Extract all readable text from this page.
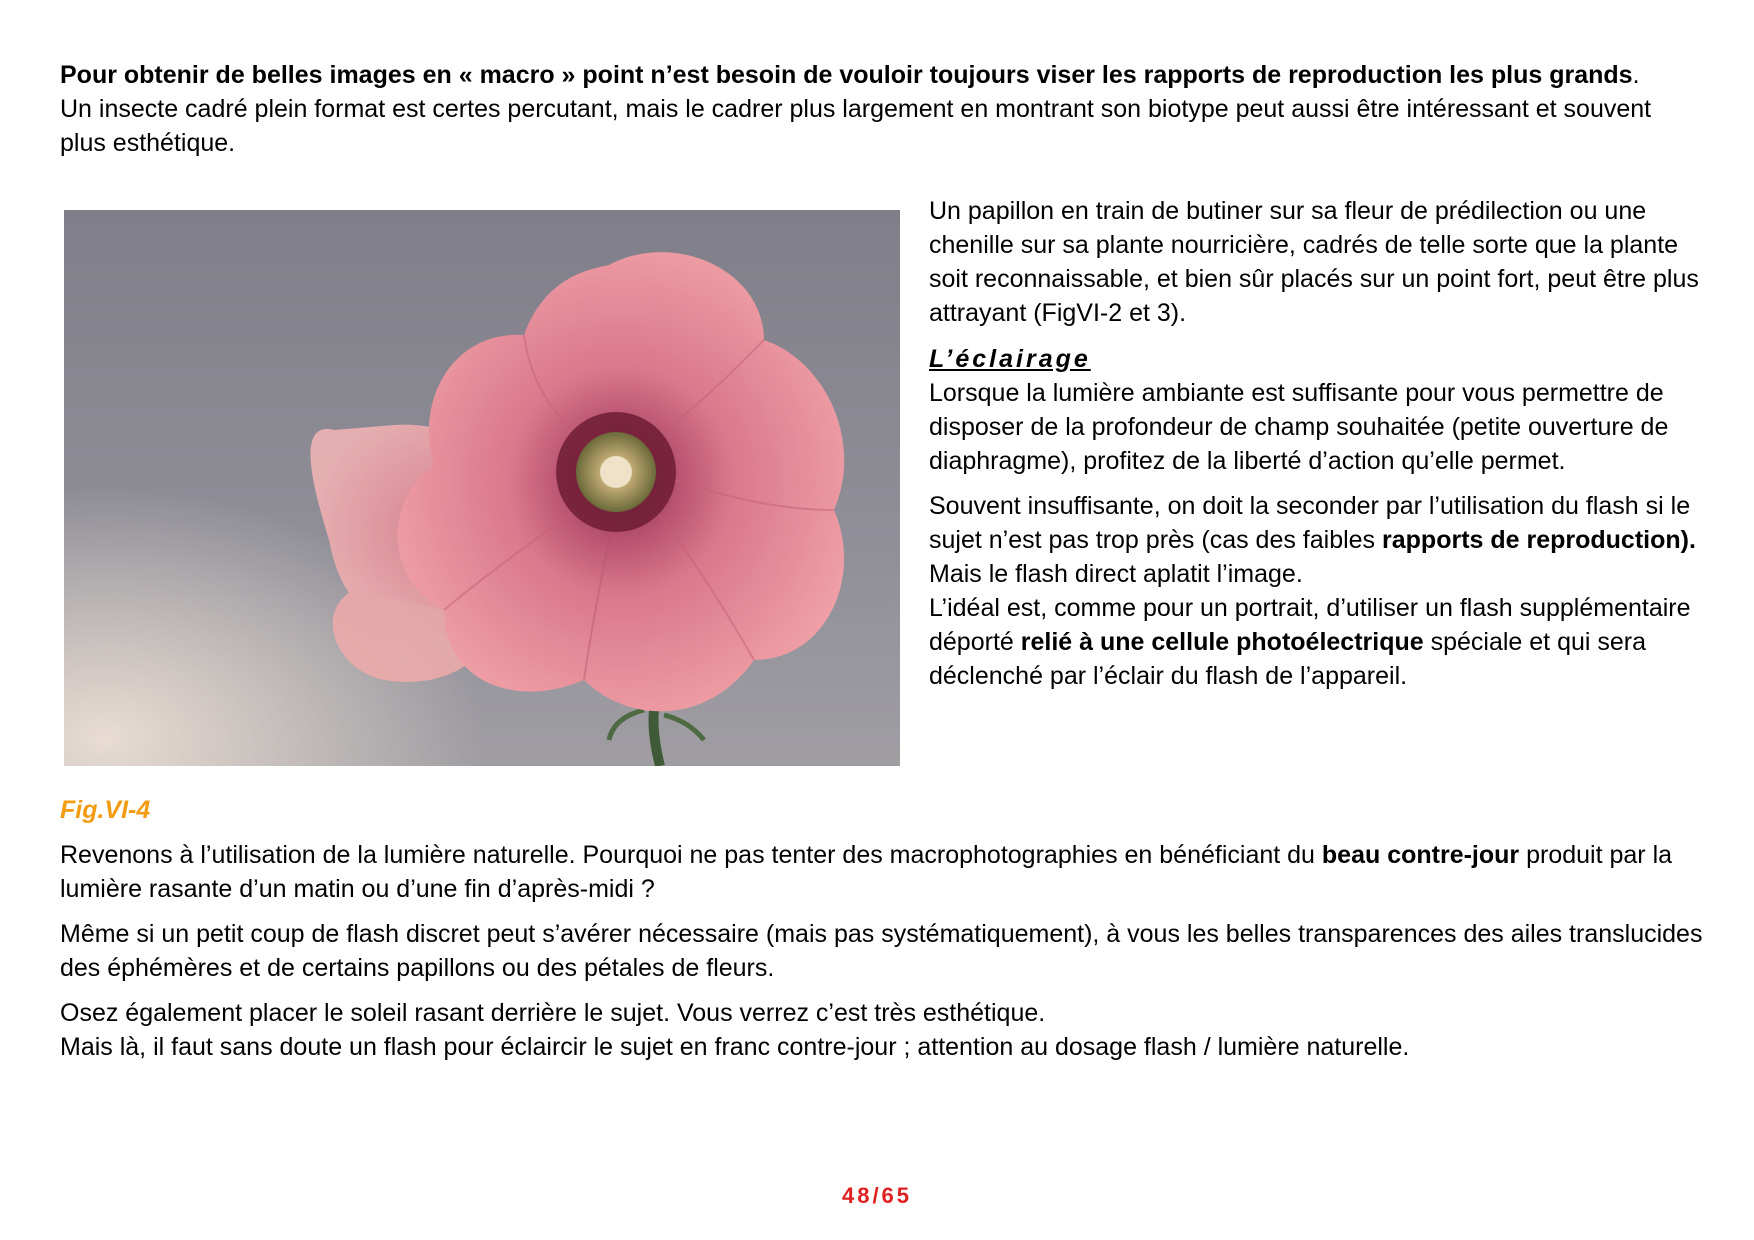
Pour obtenir de belles images en « macro » point n’est besoin de vouloir toujours viser les rapports de reproduction les plus grands.

Un insecte cadré plein format est certes percutant, mais le cadrer plus largement en montrant son biotype peut aussi être intéressant et souvent plus esthétique.

Un papillon en train de butiner sur sa fleur de prédilection ou une chenille sur sa plante nourricière, cadrés de telle sorte que la plante soit reconnaissable, et bien sûr placés sur un point fort, peut être plus attrayant (FigVI-2 et 3).

L’éclairage

Lorsque la lumière ambiante est suffisante pour vous permettre de disposer de la profondeur de champ souhaitée (petite ouverture de diaphragme), profitez de la liberté d’action qu’elle permet.

Souvent insuffisante, on doit la seconder par l’utilisation du flash si le sujet n’est pas trop près (cas des faibles rapports de reproduction).

Mais le flash direct aplatit l’image.

L’idéal est, comme pour un portrait, d’utiliser un flash supplémentaire déporté relié à une cellule photoélectrique spéciale et qui sera déclenché par l’éclair du flash de l’appareil.

Fig.VI-4

Revenons à l’utilisation de la lumière naturelle. Pourquoi ne pas tenter des macrophotographies en bénéficiant du beau contre-jour produit par la lumière rasante d’un matin ou d’une fin d’après-midi ?

Même si un petit coup de flash discret peut s’avérer nécessaire (mais pas systématiquement), à vous les belles transparences des ailes translucides des éphémères et de certains papillons ou des pétales de fleurs.

Osez également placer le soleil rasant derrière le sujet. Vous verrez c’est très esthétique.

Mais là, il faut sans doute un flash pour éclaircir le sujet en franc contre-jour ; attention au dosage flash / lumière naturelle.

48/65
